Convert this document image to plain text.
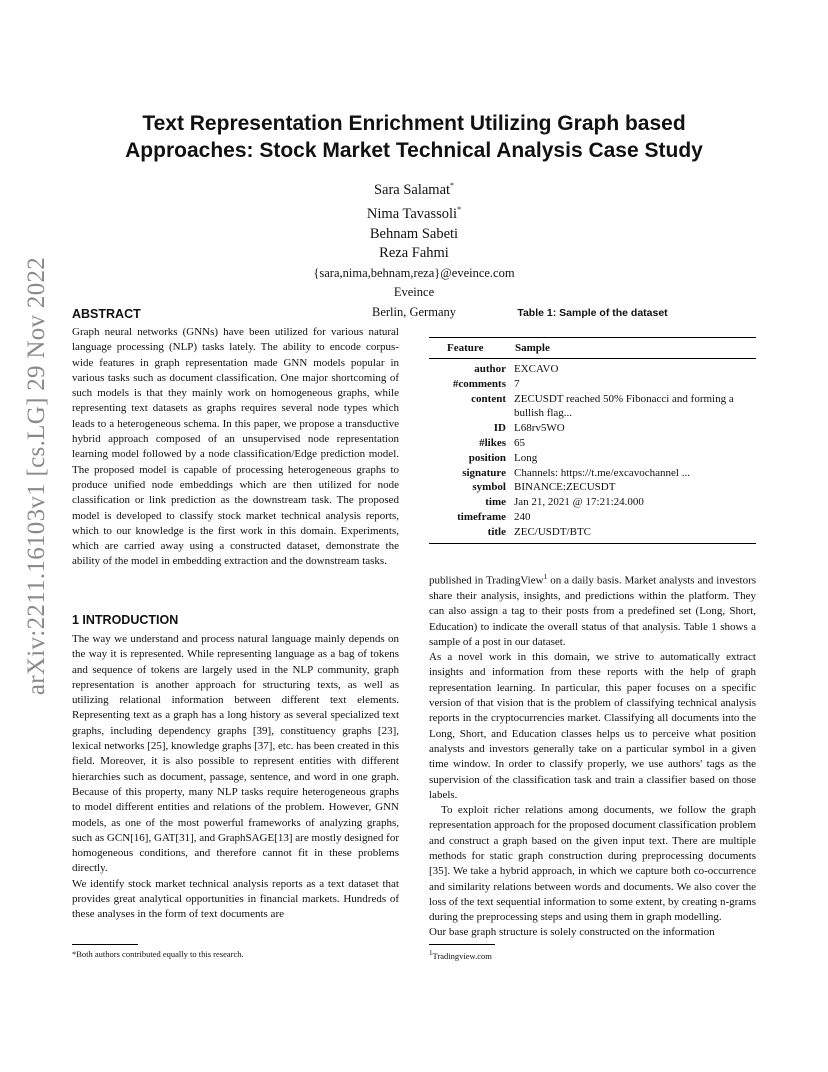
Text Representation Enrichment Utilizing Graph based
Approaches: Stock Market Technical Analysis Case Study
Sara Salamat*
Nima Tavassoli*
Behnam Sabeti
Reza Fahmi
{sara,nima,behnam,reza}@eveince.com
Eveince
Berlin, Germany
arXiv:2211.16103v1 [cs.LG] 29 Nov 2022 ABSTRACT

Graph neural networks (GNNs) have been utilized for various natural language processing (NLP) tasks lately. The ability to encode corpus-wide features in graph representation made GNN models popular in various tasks such as document classification. One major shortcoming of such models is that they mainly work on homogeneous graphs, while representing text datasets as graphs requires several node types which leads to a heterogeneous schema. In this paper, we propose a transductive hybrid approach composed of an unsupervised node representation learning model followed by a node classification/Edge prediction model. The proposed model is capable of processing heterogeneous graphs to produce unified node embeddings which are then utilized for node classification or link prediction as the downstream task. The proposed model is developed to classify stock market technical analysis reports, which to our knowledge is the first work in this domain. Experiments, which are carried away using a constructed dataset, demonstrate the ability of the model in embedding extraction and the downstream tasks.

1 INTRODUCTION

The way we understand and process natural language mainly depends on the way it is represented. While representing language as a bag of tokens and sequence of tokens are largely used in the NLP community, graph representation is another approach for structuring texts, as well as utilizing relational information between different text elements. Representing text as a graph has a long history as several specialized text graphs, including dependency graphs [39], constituency graphs [23], lexical networks [25], knowledge graphs [37], etc. has been created in this field. Moreover, it is also possible to represent entities with different hierarchies such as document, passage, sentence, and word in one graph. Because of this property, many NLP tasks require heterogeneous graphs to model different entities and relations of the problem. However, GNN models, as one of the most powerful frameworks of analyzing graphs, such as GCN[16], GAT[31], and GraphSAGE[13] are mostly designed for homogeneous conditions, and therefore cannot fit in these problems directly.

We identify stock market technical analysis reports as a text dataset that provides great analytical opportunities in financial markets. Hundreds of these analyses in the form of text documents are

*Both authors contributed equally to this research.
Table 1: Sample of the dataset
Feature	Sample
author EXCAVO
#comments 7
content ZECUSDT reached 50% Fibonacci and forming a bullish flag...
ID L68rv5WO
#likes 65
position Long
signature Channels: https://t.me/excavochannel ...
symbol BINANCE:ZECUSDT
time Jan 21, 2021 @ 17:21:24.000
timeframe 240
title ZEC/USDT/BTC

published in TradingView$^1$ on a daily basis. Market analysts and investors share their analysis, insights, and predictions within the platform. They can also assign a tag to their posts from a predefined set (Long, Short, Education) to indicate the overall status of that analysis. Table 1 shows a sample of a post in our dataset.

As a novel work in this domain, we strive to automatically extract insights and information from these reports with the help of graph representation learning. In particular, this paper focuses on a specific version of that vision that is the problem of classifying technical analysis reports in the cryptocurrencies market. Classifying all documents into the Long, Short, and Education classes helps us to perceive what position analysts and investors generally take on a particular symbol in a given time window. In order to classify properly, we use authors' tags as the supervision of the classification task and train a classifier based on those labels.

To exploit richer relations among documents, we follow the graph representation approach for the proposed document classification problem and construct a graph based on the given input text. There are multiple methods for static graph construction during preprocessing documents [35]. We take a hybrid approach, in which we capture both co-occurrence and similarity relations between words and documents. We also cover the loss of the text sequential information to some extent, by creating n-grams during the preprocessing steps and using them in graph modelling.

Our base graph structure is solely constructed on the information

$^1$Tradingview.com
